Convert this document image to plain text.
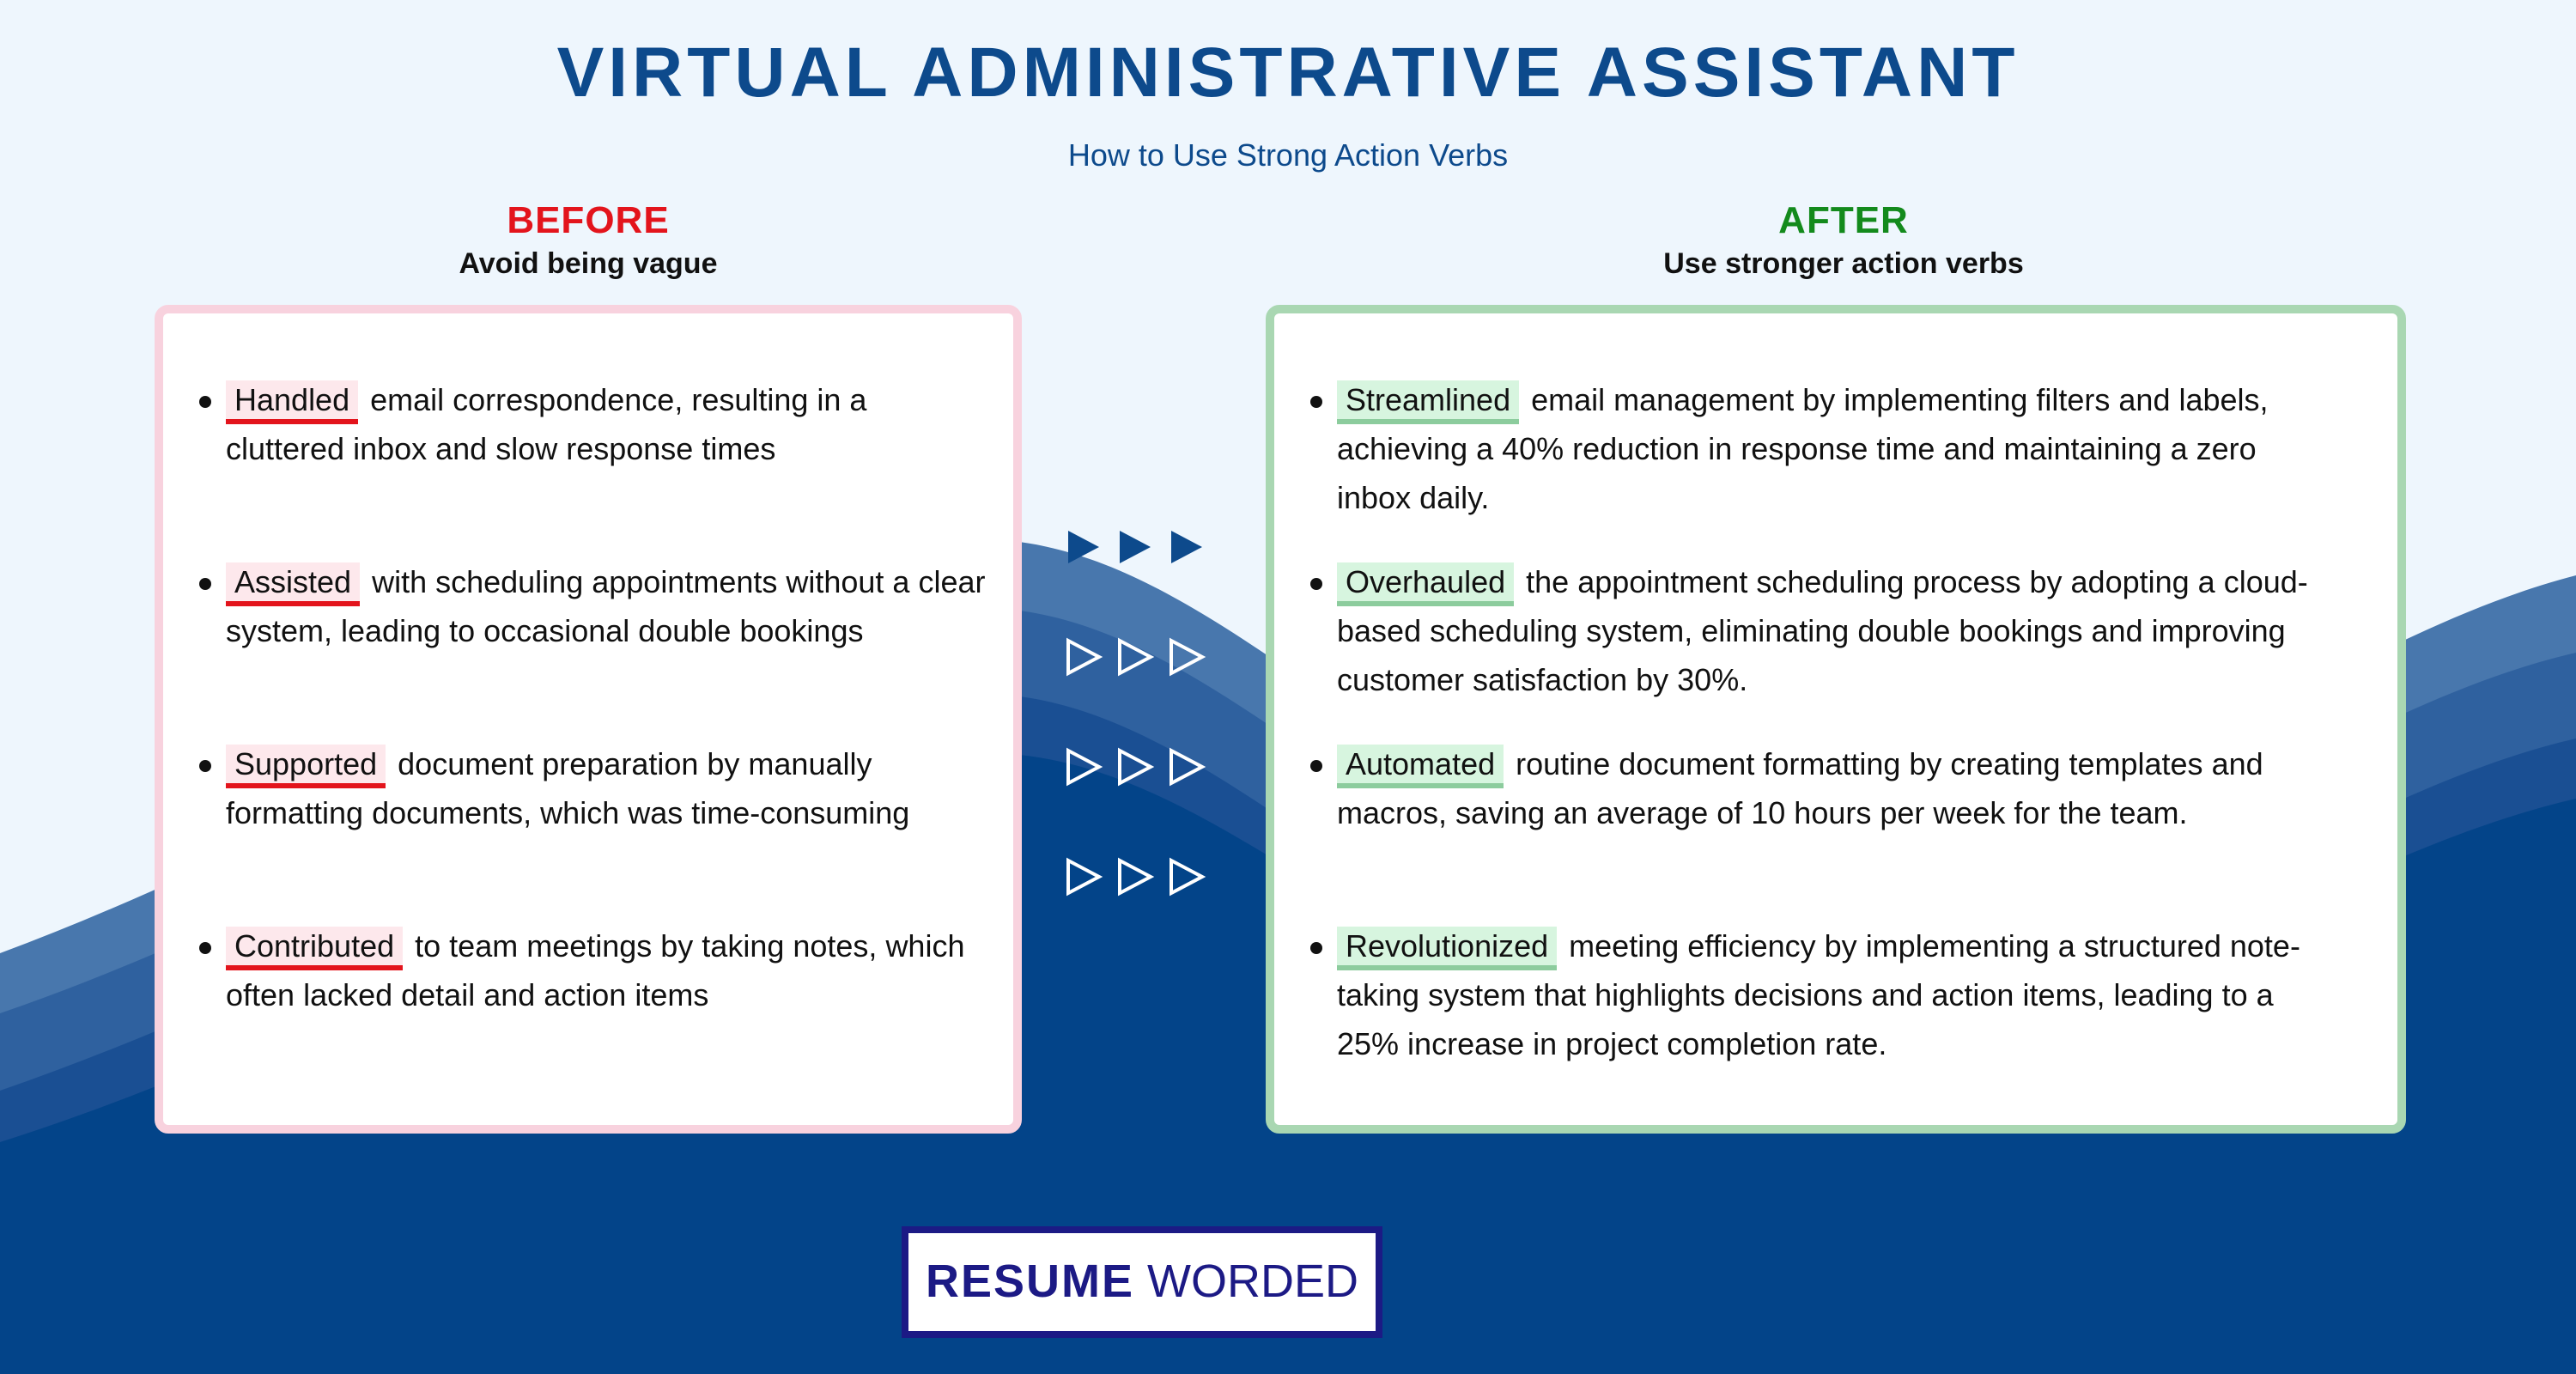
VIRTUAL ADMINISTRATIVE ASSISTANT
How to Use Strong Action Verbs
BEFORE
Avoid being vague
AFTER
Use stronger action verbs
Handled email correspondence, resulting in a cluttered inbox and slow response times
Assisted with scheduling appointments without a clear system, leading to occasional double bookings
Supported document preparation by manually formatting documents, which was time-consuming
Contributed to team meetings by taking notes, which often lacked detail and action items
Streamlined email management by implementing filters and labels, achieving a 40% reduction in response time and maintaining a zero inbox daily.
Overhauled the appointment scheduling process by adopting a cloud-based scheduling system, eliminating double bookings and improving customer satisfaction by 30%.
Automated routine document formatting by creating templates and macros, saving an average of 10 hours per week for the team.
Revolutionized meeting efficiency by implementing a structured note-taking system that highlights decisions and action items, leading to a 25% increase in project completion rate.
RESUME WORDED
